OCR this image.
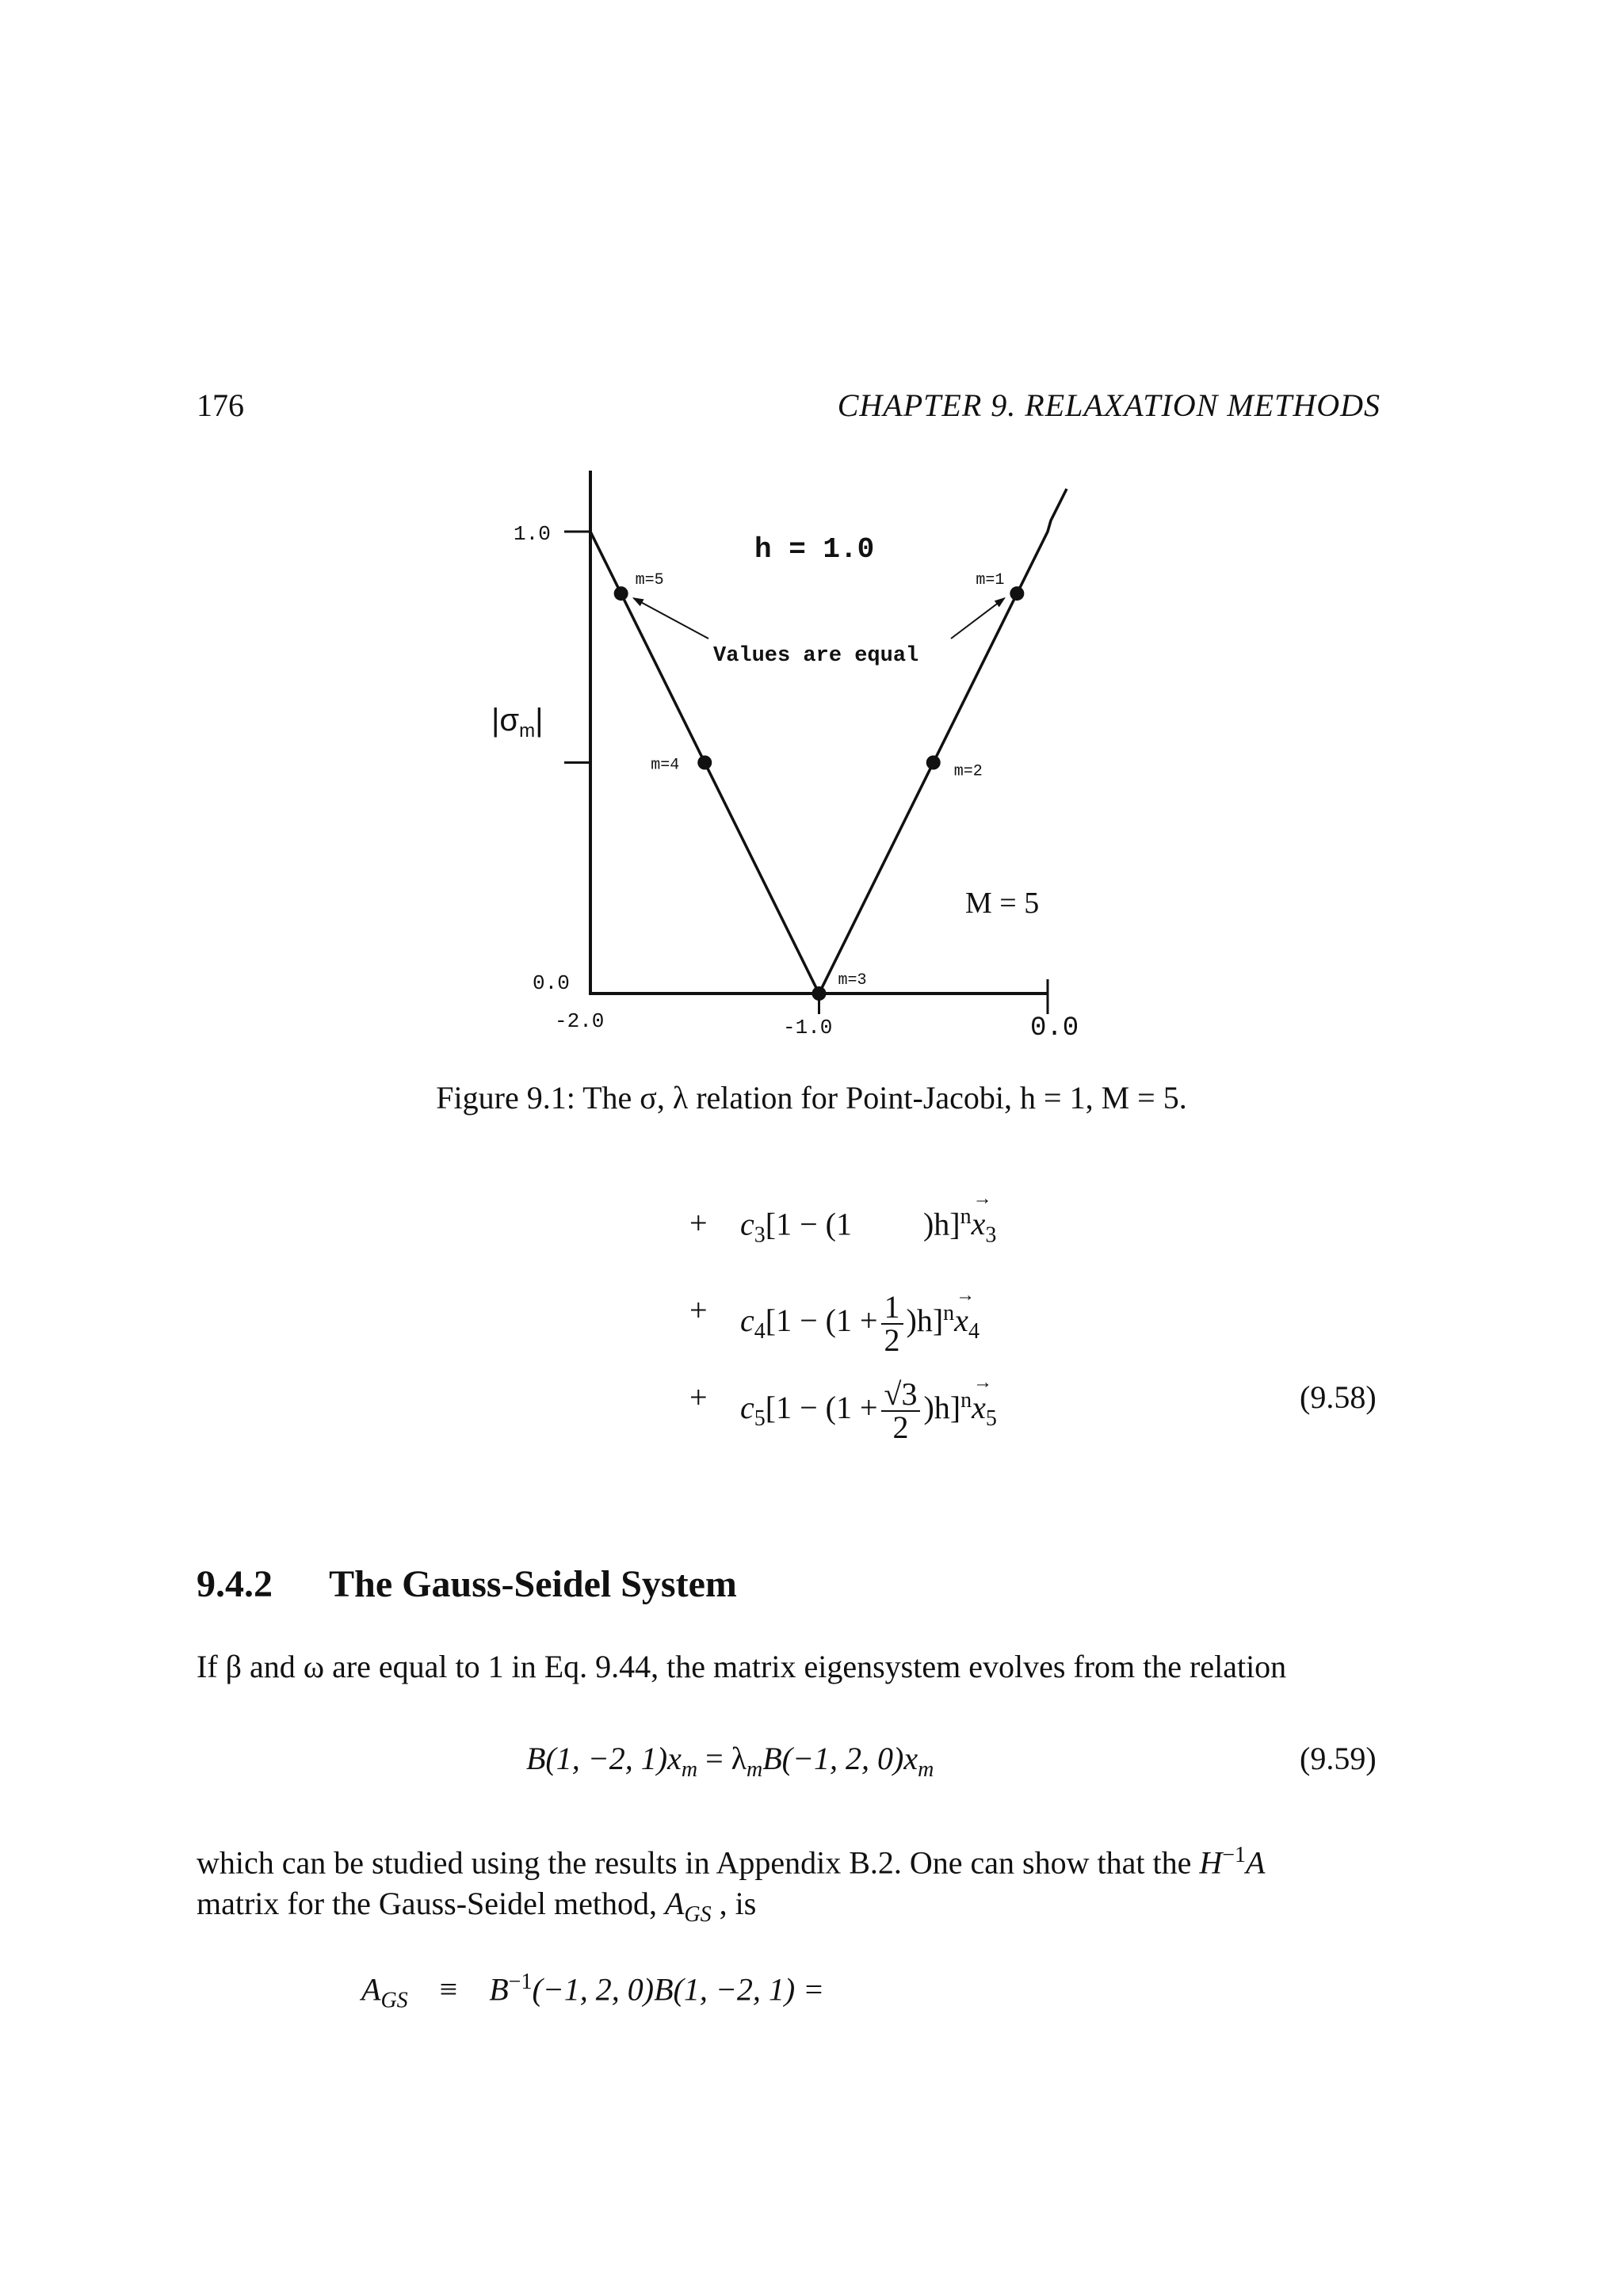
176	CHAPTER 9. RELAXATION METHODS
1.0
0.0
-2.0	-1.0	0.0
m=5
m=4
m=3
m=2
m=1
h = 1.0
Values are equal
M = 5
$|\sigma_m|$
Figure 9.1: The σ, λ relation for Point-Jacobi, h = 1, M = 5.
+ $c_3[1 - (1$ )h]$^n$x
→
$_3$
+ $c_4[1 - (1 + \frac{1}{2} )h]^nx$
→
$_4$
+ $c_5[1 - (1 + \frac{√3}{2} )h]^nx$
→
$_5$
(9.58)
9.4.2 The Gauss-Seidel System
If β and ω are equal to 1 in Eq. 9.44, the matrix eigensystem evolves from the relation
B(1, −2, $1)x_m = \lambda_mB(-1$, 2, $0)x_m$	(9.59)
which can be studied using the results in Appendix B.2. One can show that the $H^{-1}A$
matrix for the Gauss-Seidel method, $A_{GS}$ , is
$A_{GS} \equiv B^{-1}(-1$, 2, 0)B(1, −2, 1) =
